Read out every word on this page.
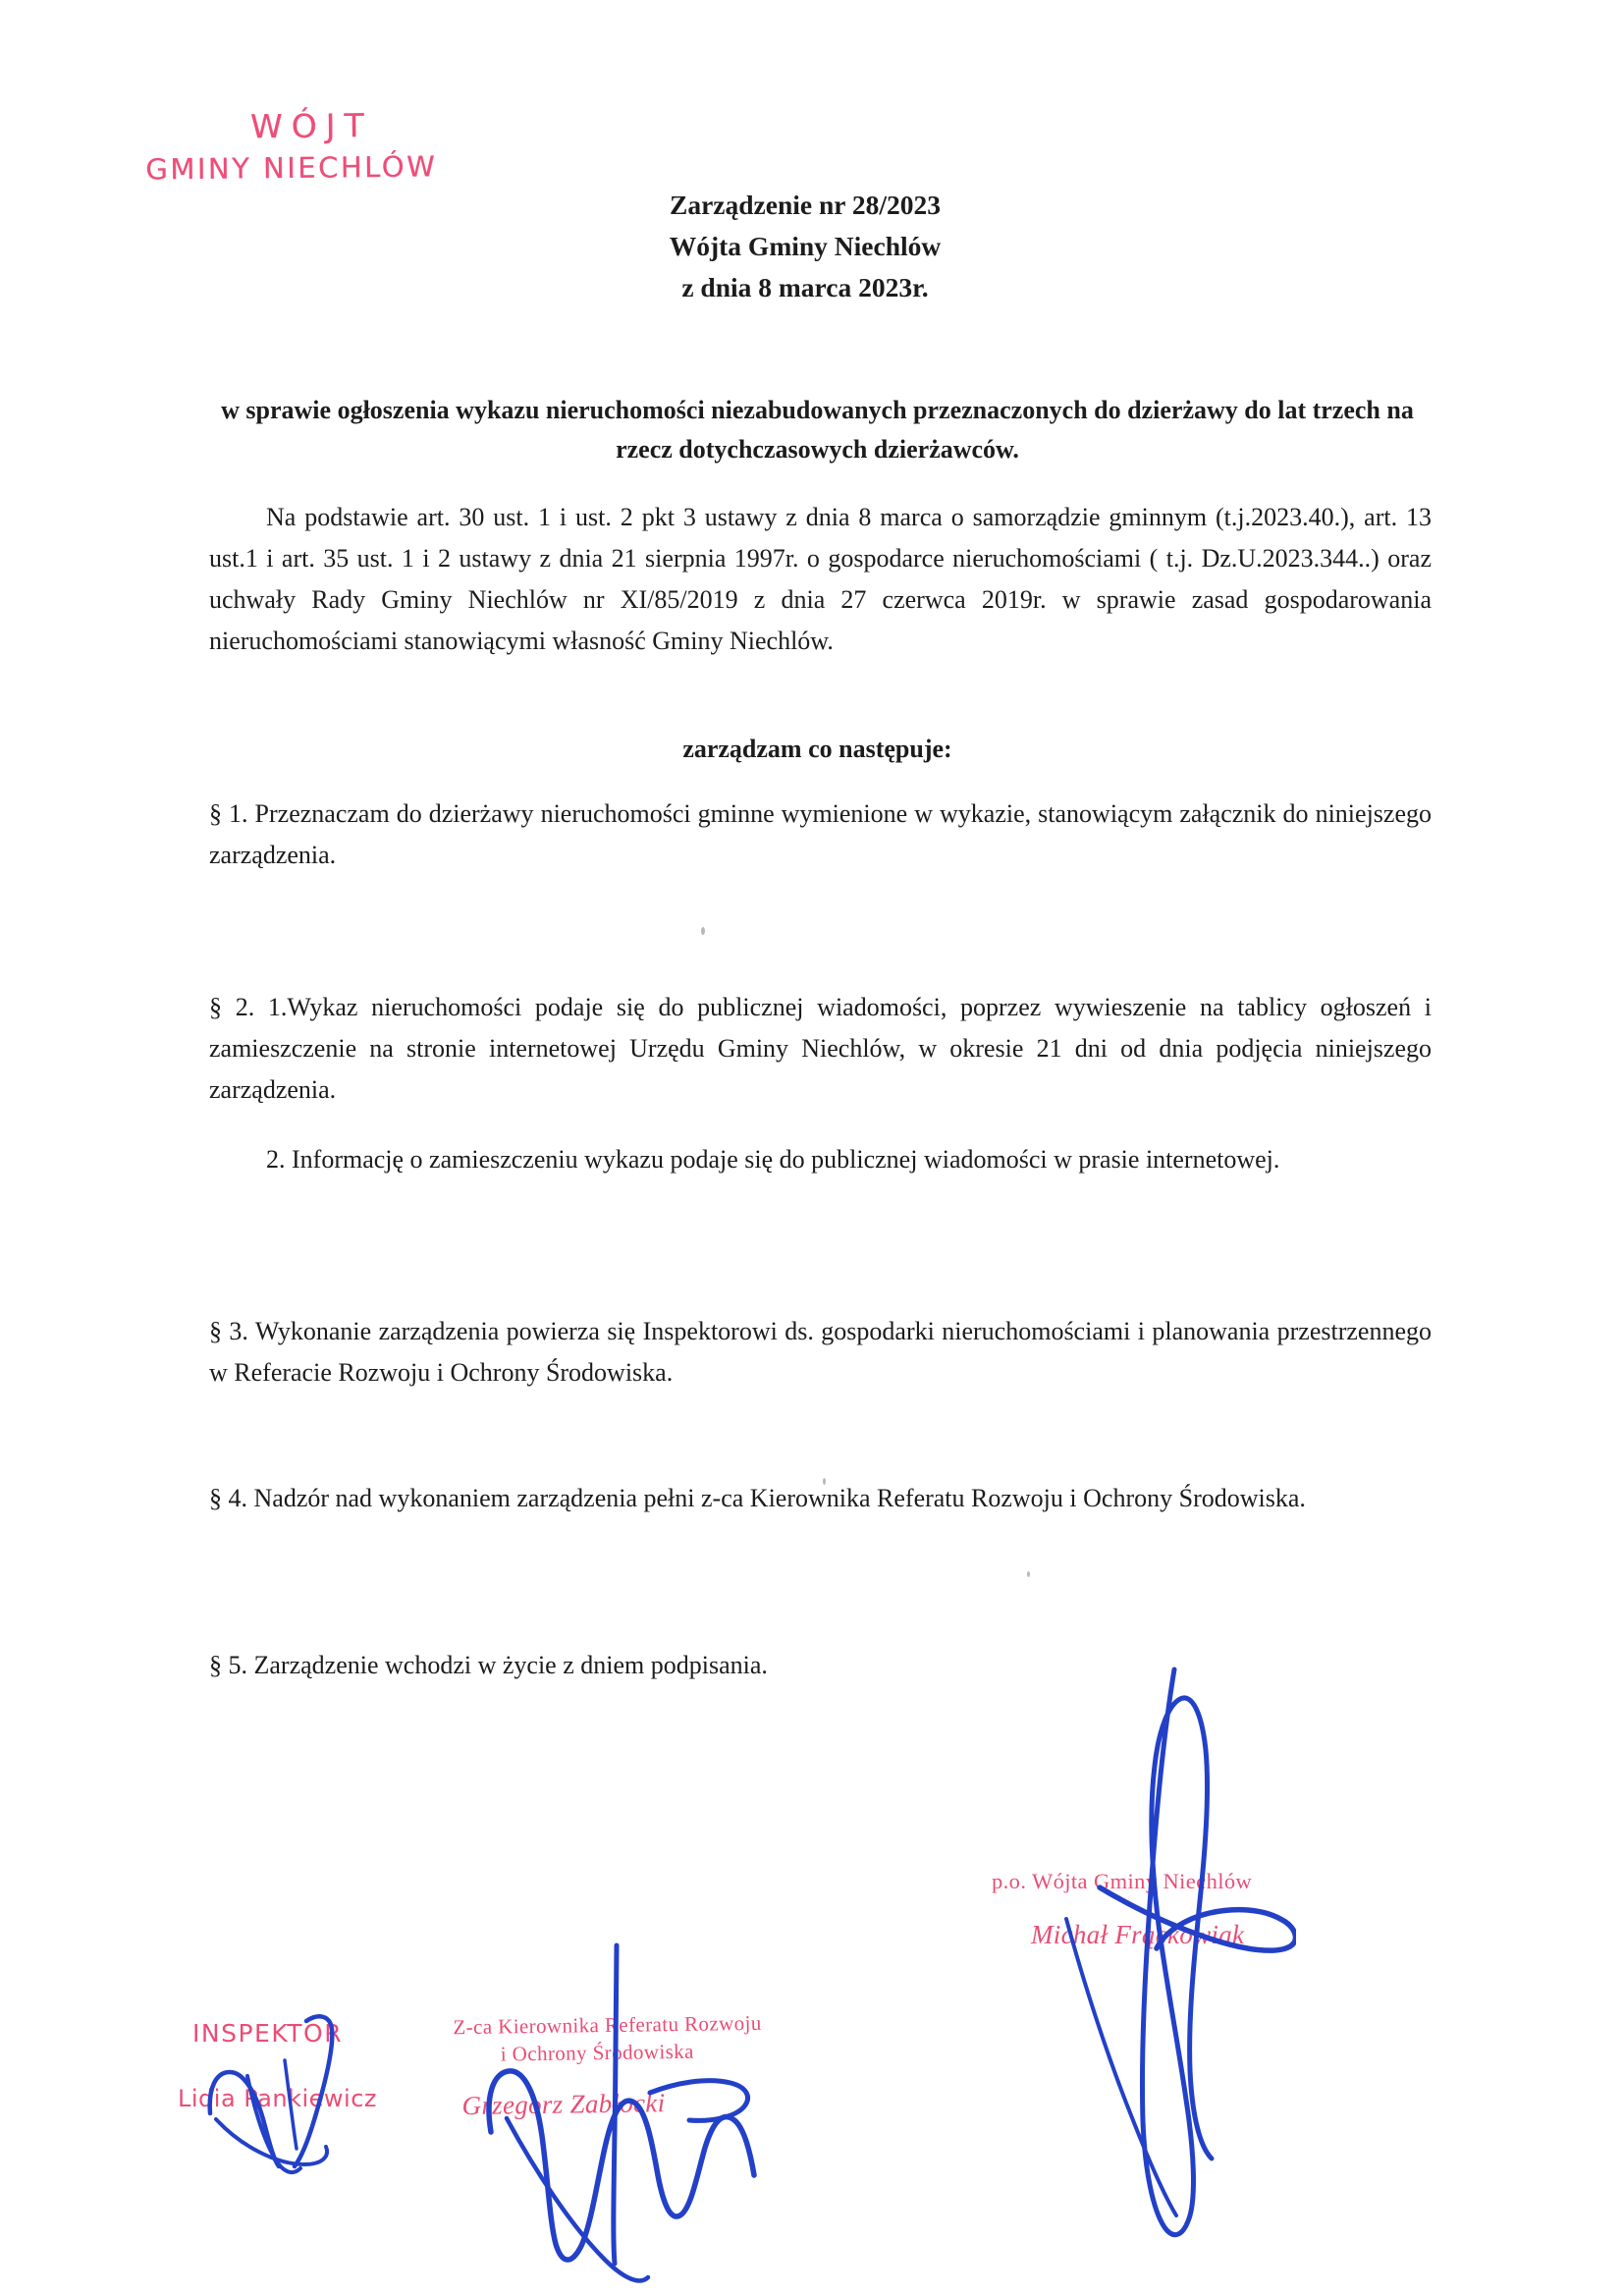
WÓJT
GMINY NIECHLÓW
Zarządzenie nr 28/2023
Wójta Gminy Niechlów
z dnia 8 marca 2023r.
w sprawie ogłoszenia wykazu nieruchomości niezabudowanych przeznaczonych do dzierżawy do lat trzech na rzecz dotychczasowych dzierżawców.
Na podstawie art. 30 ust. 1 i ust. 2 pkt 3 ustawy z dnia 8 marca o samorządzie gminnym (t.j.2023.40.), art. 13 ust.1 i art. 35 ust. 1 i 2 ustawy z dnia 21 sierpnia 1997r. o gospodarce nieruchomościami ( t.j. Dz.U.2023.344..) oraz uchwały Rady Gminy Niechlów nr XI/85/2019 z dnia 27 czerwca 2019r. w sprawie zasad gospodarowania nieruchomościami stanowiącymi własność Gminy Niechlów.
zarządzam co następuje:
§ 1. Przeznaczam do dzierżawy nieruchomości gminne wymienione w wykazie, stanowiącym załącznik do niniejszego zarządzenia.
§ 2. 1.Wykaz nieruchomości podaje się do publicznej wiadomości, poprzez wywieszenie na tablicy ogłoszeń i zamieszczenie na stronie internetowej Urzędu Gminy Niechlów, w okresie 21 dni od dnia podjęcia niniejszego zarządzenia.
2. Informację o zamieszczeniu wykazu podaje się do publicznej wiadomości w prasie internetowej.
§ 3. Wykonanie zarządzenia powierza się Inspektorowi ds. gospodarki nieruchomościami i planowania przestrzennego w Referacie Rozwoju i Ochrony Środowiska.
§ 4. Nadzór nad wykonaniem zarządzenia pełni z-ca Kierownika Referatu Rozwoju i Ochrony Środowiska.
§ 5. Zarządzenie wchodzi w życie z dniem podpisania.
p.o. Wójta Gminy Niechlów
Michał Frąckowiak
Z-ca Kierownika Referatu Rozwoju
i Ochrony Środowiska
Grzegorz Zabłocki
INSPEKTOR
Lidia Pankiewicz
